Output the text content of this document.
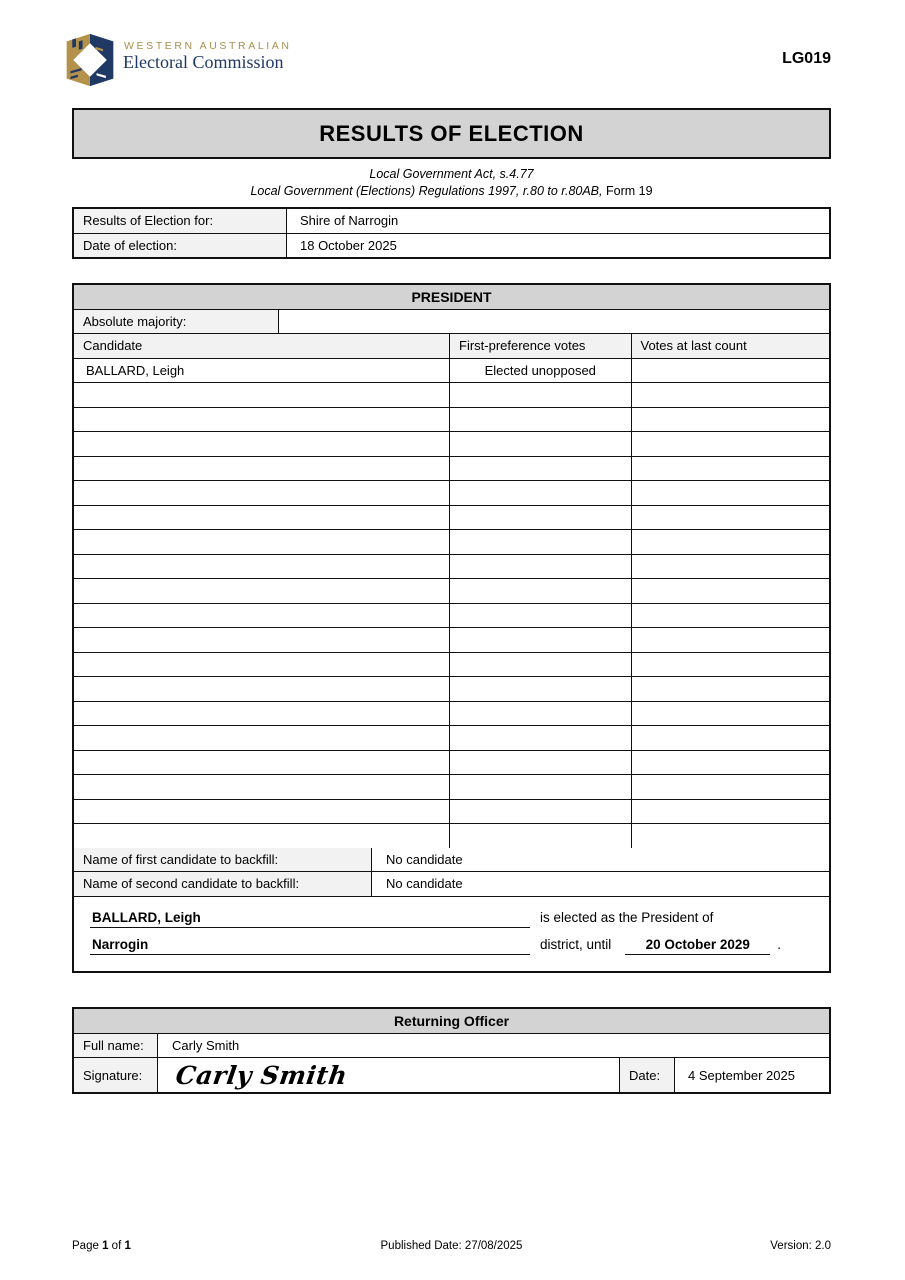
WESTERN AUSTRALIAN
Electoral Commission	LG019
RESULTS OF ELECTION
Local Government Act, s.4.77
Local Government (Elections) Regulations 1997, r.80 to r.80AB, Form 19
Results of Election for:	Shire of Narrogin
Date of election:	18 October 2025
PRESIDENT
Absolute majority:
Candidate	First-preference votes	Votes at last count
BALLARD, Leigh	Elected unopposed
Name of first candidate to backfill:	No candidate
Name of second candidate to backfill:	No candidate
BALLARD, Leigh	is elected as the President of
Narrogin	district, until	20 October 2029	.
Returning Officer
Full name:	Carly Smith
Signature:	Carly Smith	Date:	4 September 2025
Page 1 of 1	Published Date: 27/08/2025	Version: 2.0
